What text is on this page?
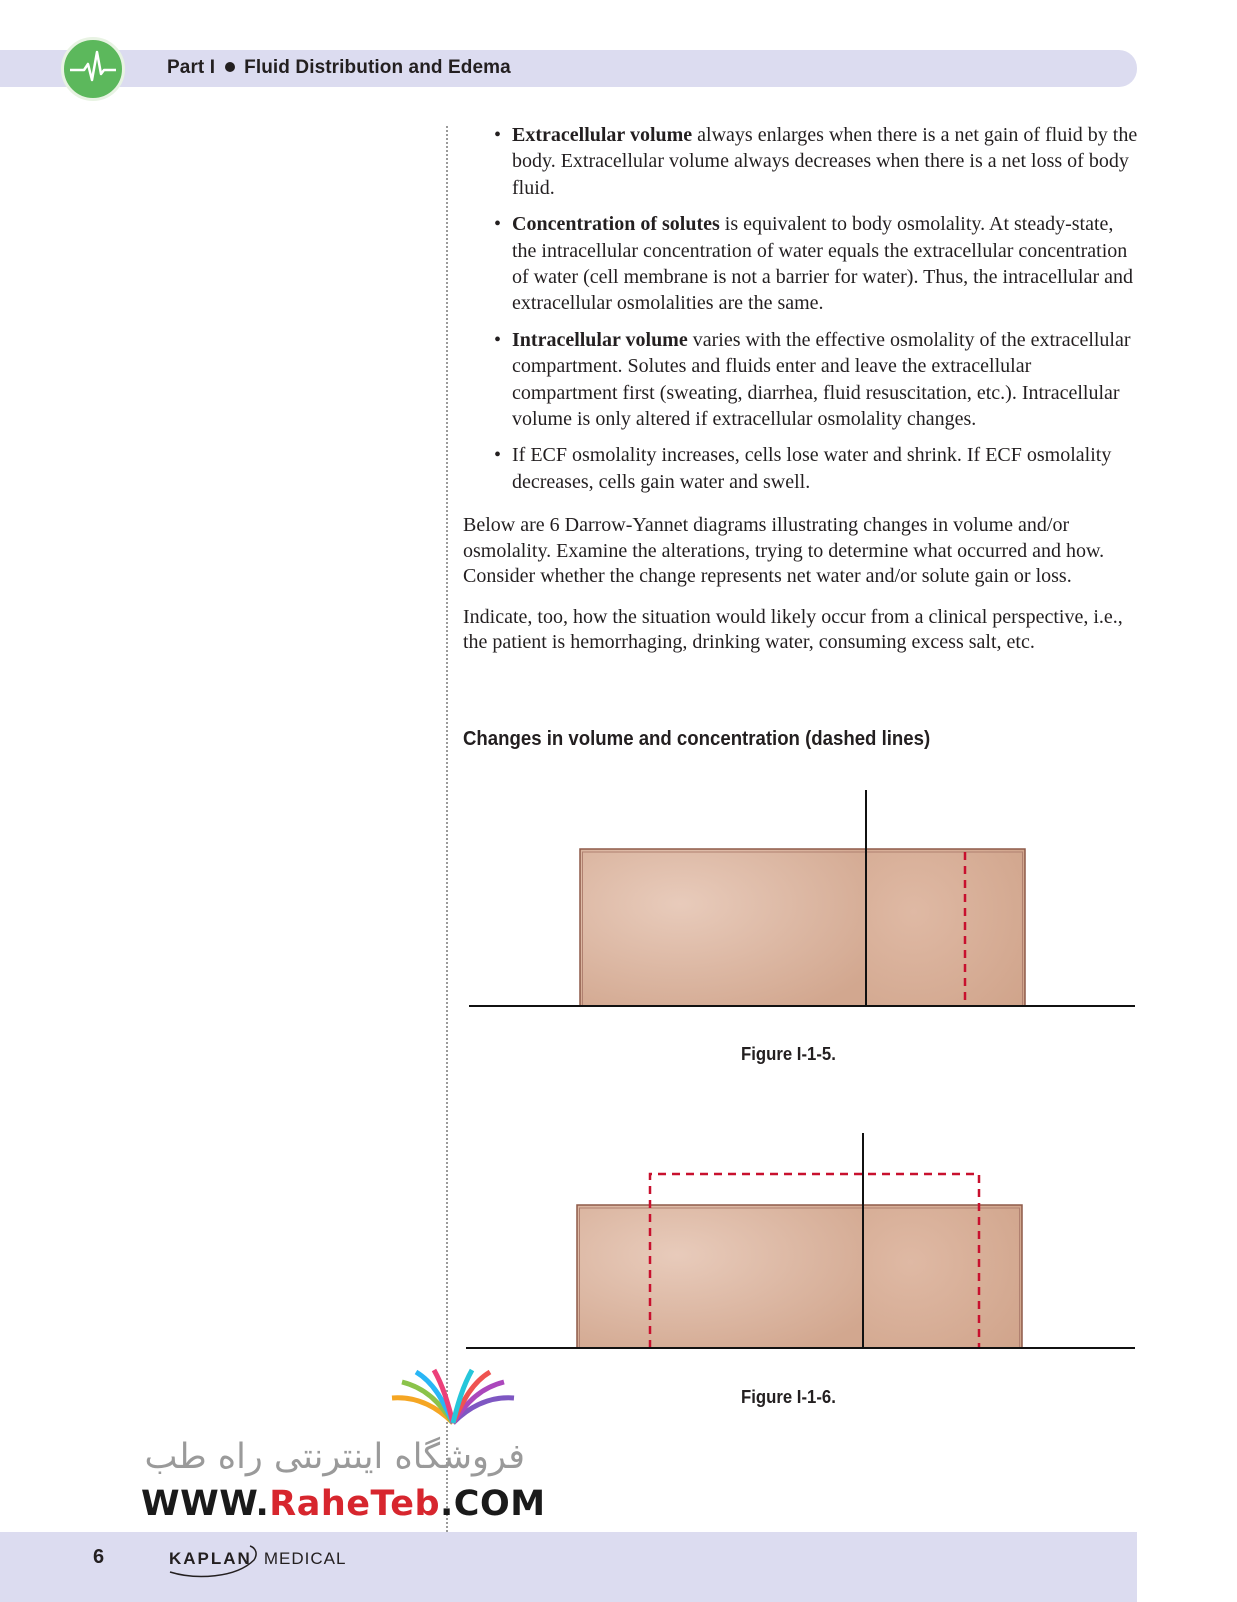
Part I Fluid Distribution and Edema
• Extracellular volume always enlarges when there is a net gain of fluid by the body. Extracellular volume always decreases when there is a net loss of body fluid.
• Concentration of solutes is equivalent to body osmolality. At steady-state, the intracellular concentration of water equals the extracellular concentration of water (cell membrane is not a barrier for water). Thus, the intracellular and extracellular osmolalities are the same.
• Intracellular volume varies with the effective osmolality of the extracellular compartment. Solutes and fluids enter and leave the extracellular compartment first (sweating, diarrhea, fluid resuscitation, etc.). Intracellular volume is only altered if extracellular osmolality changes.
• If ECF osmolality increases, cells lose water and shrink. If ECF osmolality decreases, cells gain water and swell.

Below are 6 Darrow-Yannet diagrams illustrating changes in volume and/or osmolality. Examine the alterations, trying to determine what occurred and how. Consider whether the change represents net water and/or solute gain or loss.

Indicate, too, how the situation would likely occur from a clinical perspective, i.e., the patient is hemorrhaging, drinking water, consuming excess salt, etc.

Changes in volume and concentration (dashed lines)
Figure I-1-5.
Figure I-1-6.
فروشگاه اینترنتی راه طب
WWW.RaheTeb.COM
6	KAPLAN MEDICAL
